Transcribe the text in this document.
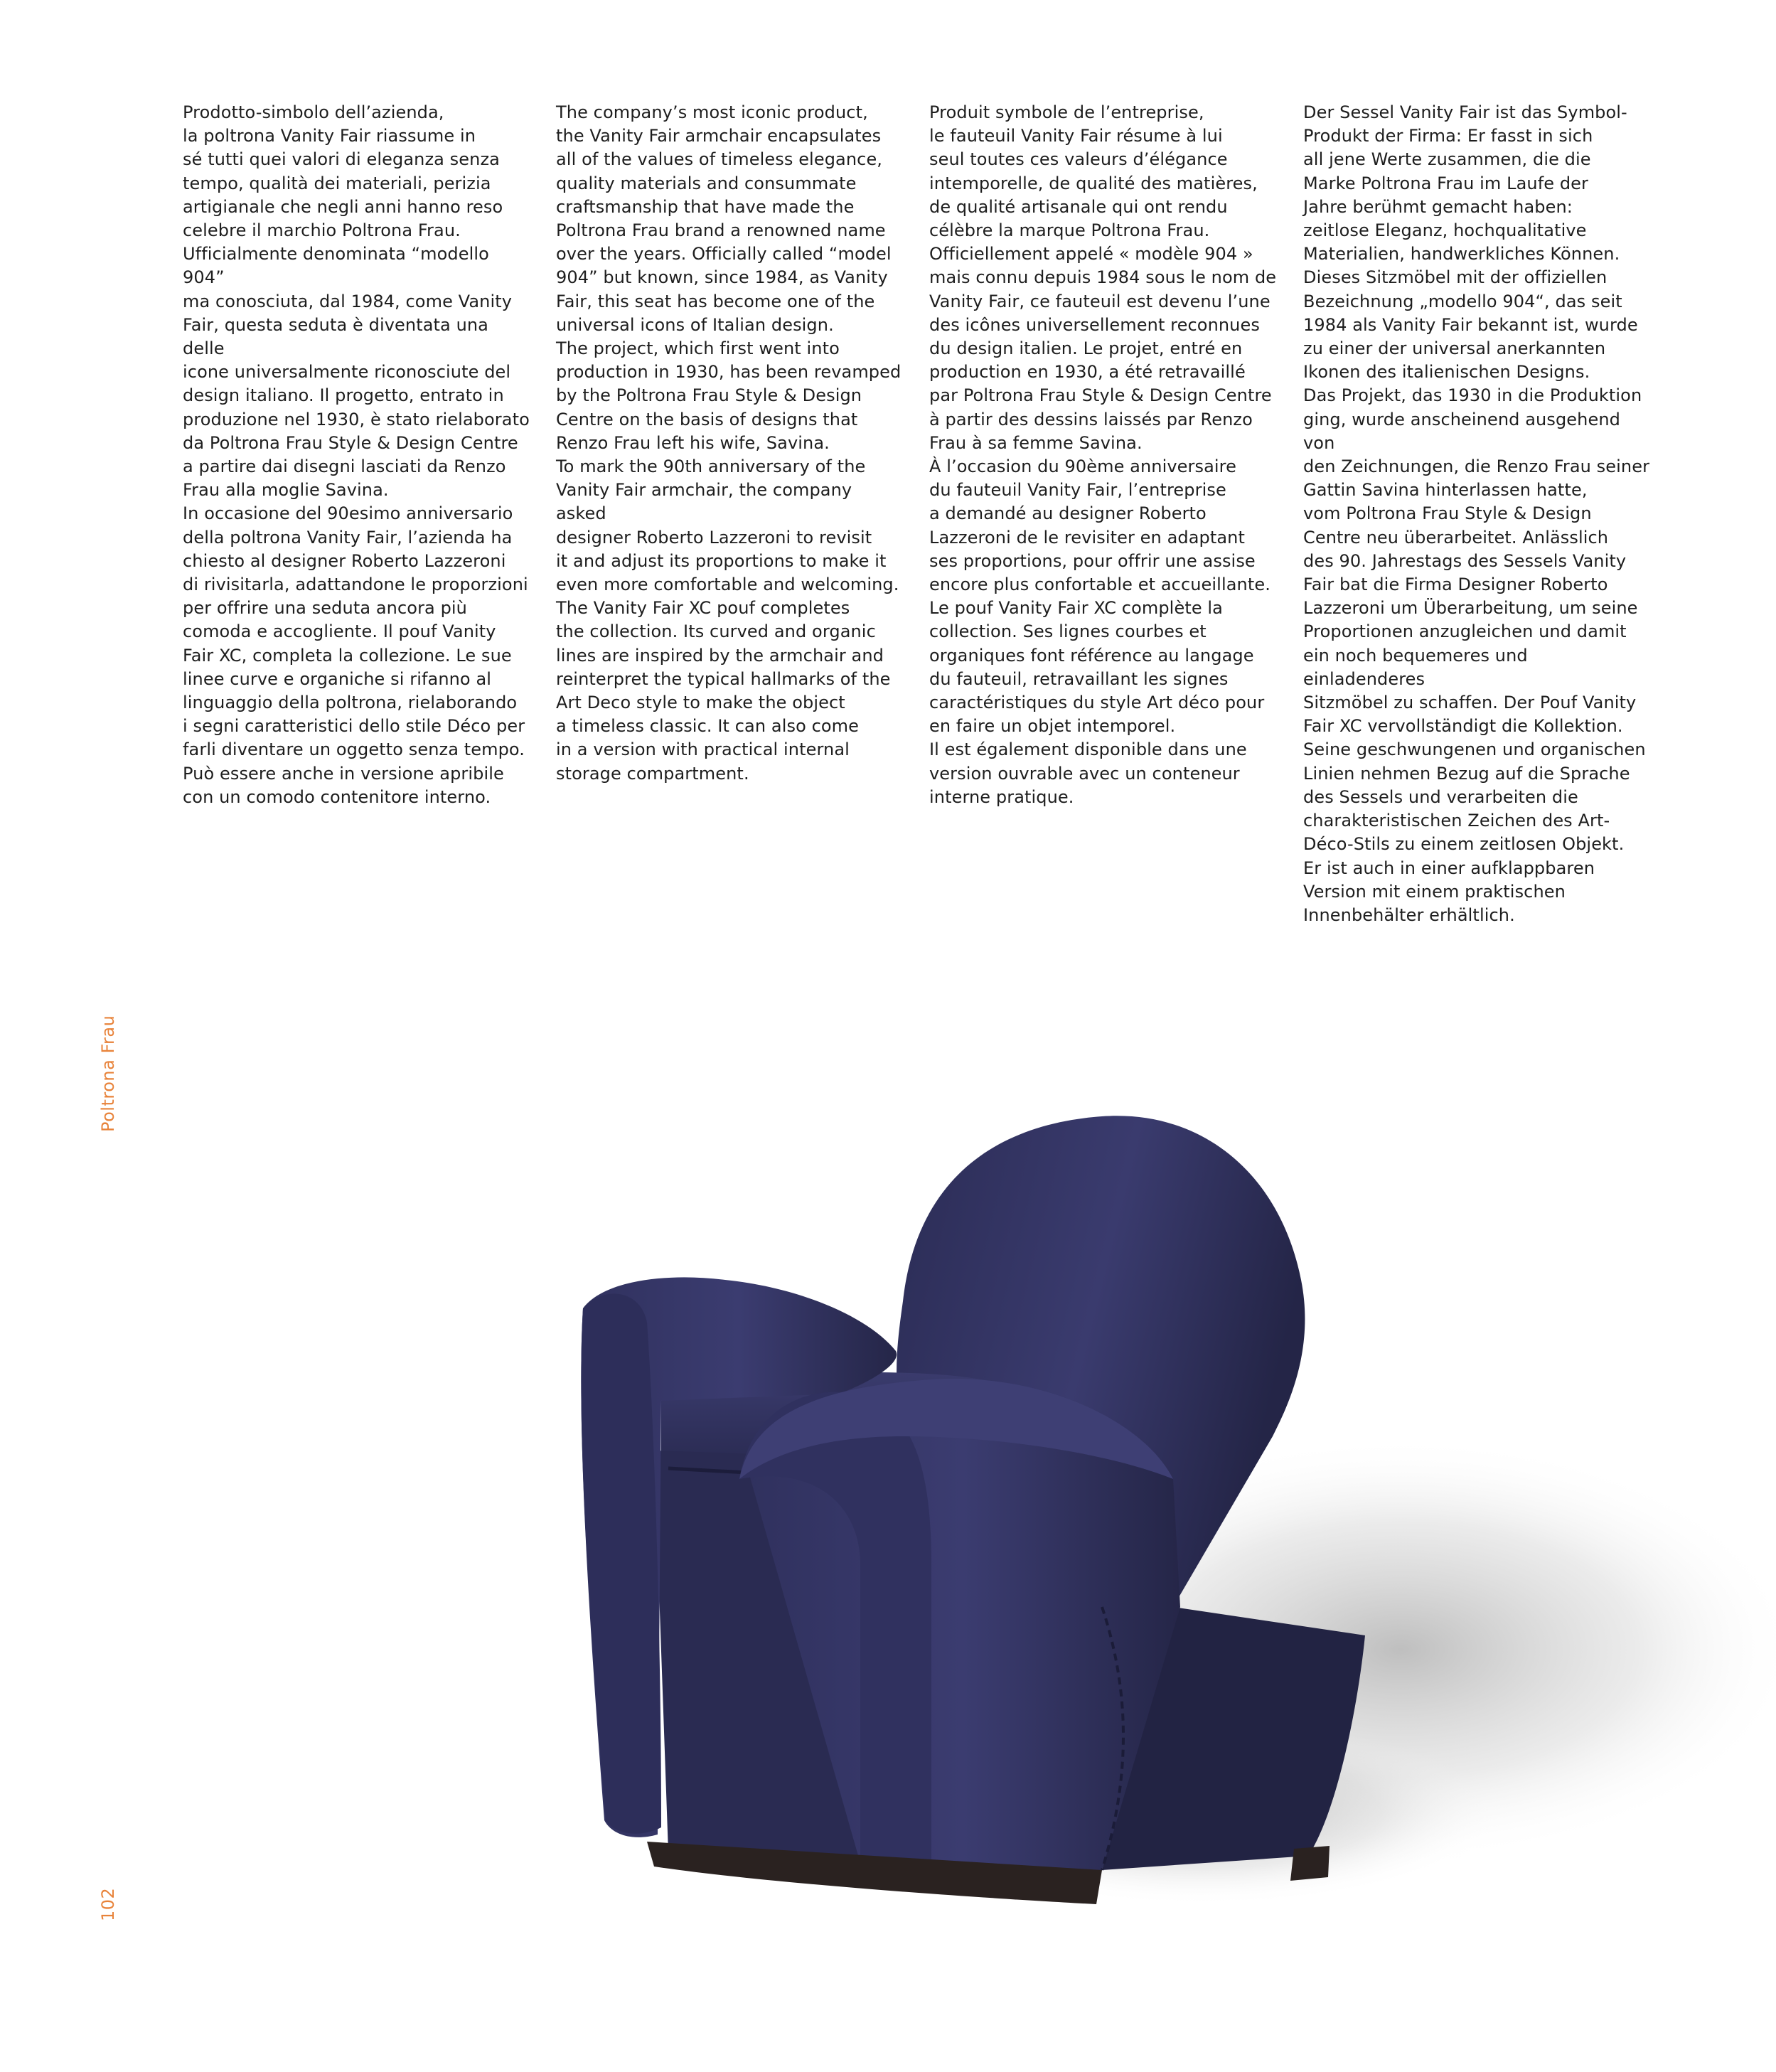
Poltrona Frau
102

Prodotto-simbolo dell’azienda,

la poltrona Vanity Fair riassume in

sé tutti quei valori di eleganza senza

tempo, qualità dei materiali, perizia

artigianale che negli anni hanno reso

celebre il marchio Poltrona Frau.

Ufficialmente denominata “modello 904”

ma conosciuta, dal 1984, come Vanity

Fair, questa seduta è diventata una delle

icone universalmente riconosciute del

design italiano. Il progetto, entrato in

produzione nel 1930, è stato rielaborato

da Poltrona Frau Style & Design Centre

a partire dai disegni lasciati da Renzo

Frau alla moglie Savina.

In occasione del 90esimo anniversario

della poltrona Vanity Fair, l’azienda ha

chiesto al designer Roberto Lazzeroni

di rivisitarla, adattandone le proporzioni

per offrire una seduta ancora più

comoda e accogliente. Il pouf Vanity

Fair XC, completa la collezione. Le sue

linee curve e organiche si rifanno al

linguaggio della poltrona, rielaborando

i segni caratteristici dello stile Déco per

farli diventare un oggetto senza tempo.

Può essere anche in versione apribile

con un comodo contenitore interno.

The company’s most iconic product,

the Vanity Fair armchair encapsulates

all of the values of timeless elegance,

quality materials and consummate

craftsmanship that have made the

Poltrona Frau brand a renowned name

over the years. Officially called “model

904” but known, since 1984, as Vanity

Fair, this seat has become one of the

universal icons of Italian design.

The project, which first went into

production in 1930, has been revamped

by the Poltrona Frau Style & Design

Centre on the basis of designs that

Renzo Frau left his wife, Savina.

To mark the 90th anniversary of the

Vanity Fair armchair, the company asked

designer Roberto Lazzeroni to revisit

it and adjust its proportions to make it

even more comfortable and welcoming.

The Vanity Fair XC pouf completes

the collection. Its curved and organic

lines are inspired by the armchair and

reinterpret the typical hallmarks of the

Art Deco style to make the object

a timeless classic. It can also come

in a version with practical internal

storage compartment.

Produit symbole de l’entreprise,

le fauteuil Vanity Fair résume à lui

seul toutes ces valeurs d’élégance

intemporelle, de qualité des matières,

de qualité artisanale qui ont rendu

célèbre la marque Poltrona Frau.

Officiellement appelé « modèle 904 »

mais connu depuis 1984 sous le nom de

Vanity Fair, ce fauteuil est devenu l’une

des icônes universellement reconnues

du design italien. Le projet, entré en

production en 1930, a été retravaillé

par Poltrona Frau Style & Design Centre

à partir des dessins laissés par Renzo

Frau à sa femme Savina.

À l’occasion du 90ème anniversaire

du fauteuil Vanity Fair, l’entreprise

a demandé au designer Roberto

Lazzeroni de le revisiter en adaptant

ses proportions, pour offrir une assise

encore plus confortable et accueillante.

Le pouf Vanity Fair XC complète la

collection. Ses lignes courbes et

organiques font référence au langage

du fauteuil, retravaillant les signes

caractéristiques du style Art déco pour

en faire un objet intemporel.

Il est également disponible dans une

version ouvrable avec un conteneur

interne pratique.

Der Sessel Vanity Fair ist das Symbol-

Produkt der Firma: Er fasst in sich

all jene Werte zusammen, die die

Marke Poltrona Frau im Laufe der

Jahre berühmt gemacht haben:

zeitlose Eleganz, hochqualitative

Materialien, handwerkliches Können.

Dieses Sitzmöbel mit der offiziellen

Bezeichnung „modello 904“, das seit

1984 als Vanity Fair bekannt ist, wurde

zu einer der universal anerkannten

Ikonen des italienischen Designs.

Das Projekt, das 1930 in die Produktion

ging, wurde anscheinend ausgehend von

den Zeichnungen, die Renzo Frau seiner

Gattin Savina hinterlassen hatte,

vom Poltrona Frau Style & Design

Centre neu überarbeitet. Anlässlich

des 90. Jahrestags des Sessels Vanity

Fair bat die Firma Designer Roberto

Lazzeroni um Überarbeitung, um seine

Proportionen anzugleichen und damit

ein noch bequemeres und einladenderes

Sitzmöbel zu schaffen. Der Pouf Vanity

Fair XC vervollständigt die Kollektion.

Seine geschwungenen und organischen

Linien nehmen Bezug auf die Sprache

des Sessels und verarbeiten die

charakteristischen Zeichen des Art-

Déco-Stils zu einem zeitlosen Objekt.

Er ist auch in einer aufklappbaren

Version mit einem praktischen

Innenbehälter erhältlich.
